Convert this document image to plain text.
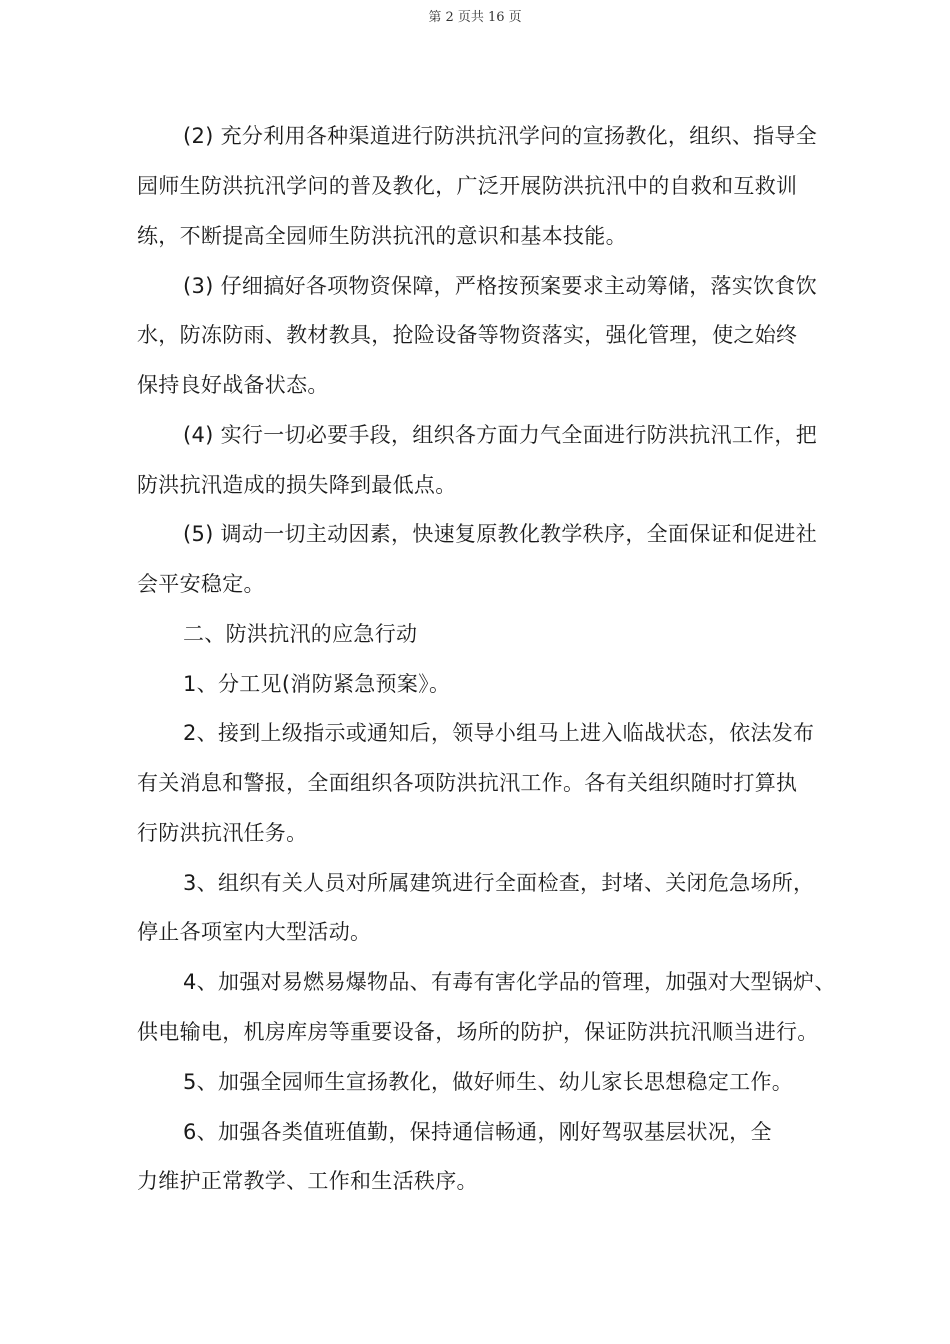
第 2 页共 16 页
(2) 充分利用各种渠道进行防洪抗汛学问的宣扬教化，组织、指导全
园师生防洪抗汛学问的普及教化，广泛开展防洪抗汛中的自救和互救训
练，不断提高全园师生防洪抗汛的意识和基本技能。
(3) 仔细搞好各项物资保障，严格按预案要求主动筹储，落实饮食饮
水，防冻防雨、教材教具，抢险设备等物资落实，强化管理，使之始终
保持良好战备状态。
(4) 实行一切必要手段，组织各方面力气全面进行防洪抗汛工作，把
防洪抗汛造成的损失降到最低点。
(5) 调动一切主动因素，快速复原教化教学秩序，全面保证和促进社
会平安稳定。
二、防洪抗汛的应急行动
1、分工见(消防紧急预案》。
2、接到上级指示或通知后，领导小组马上进入临战状态，依法发布
有关消息和警报，全面组织各项防洪抗汛工作。各有关组织随时打算执
行防洪抗汛任务。
3、组织有关人员对所属建筑进行全面检查，封堵、关闭危急场所，
停止各项室内大型活动。
4、加强对易燃易爆物品、有毒有害化学品的管理，加强对大型锅炉、
供电输电，机房库房等重要设备，场所的防护，保证防洪抗汛顺当进行。
5、加强全园师生宣扬教化，做好师生、幼儿家长思想稳定工作。
6、加强各类值班值勤，保持通信畅通，刚好驾驭基层状况，全
力维护正常教学、工作和生活秩序。
